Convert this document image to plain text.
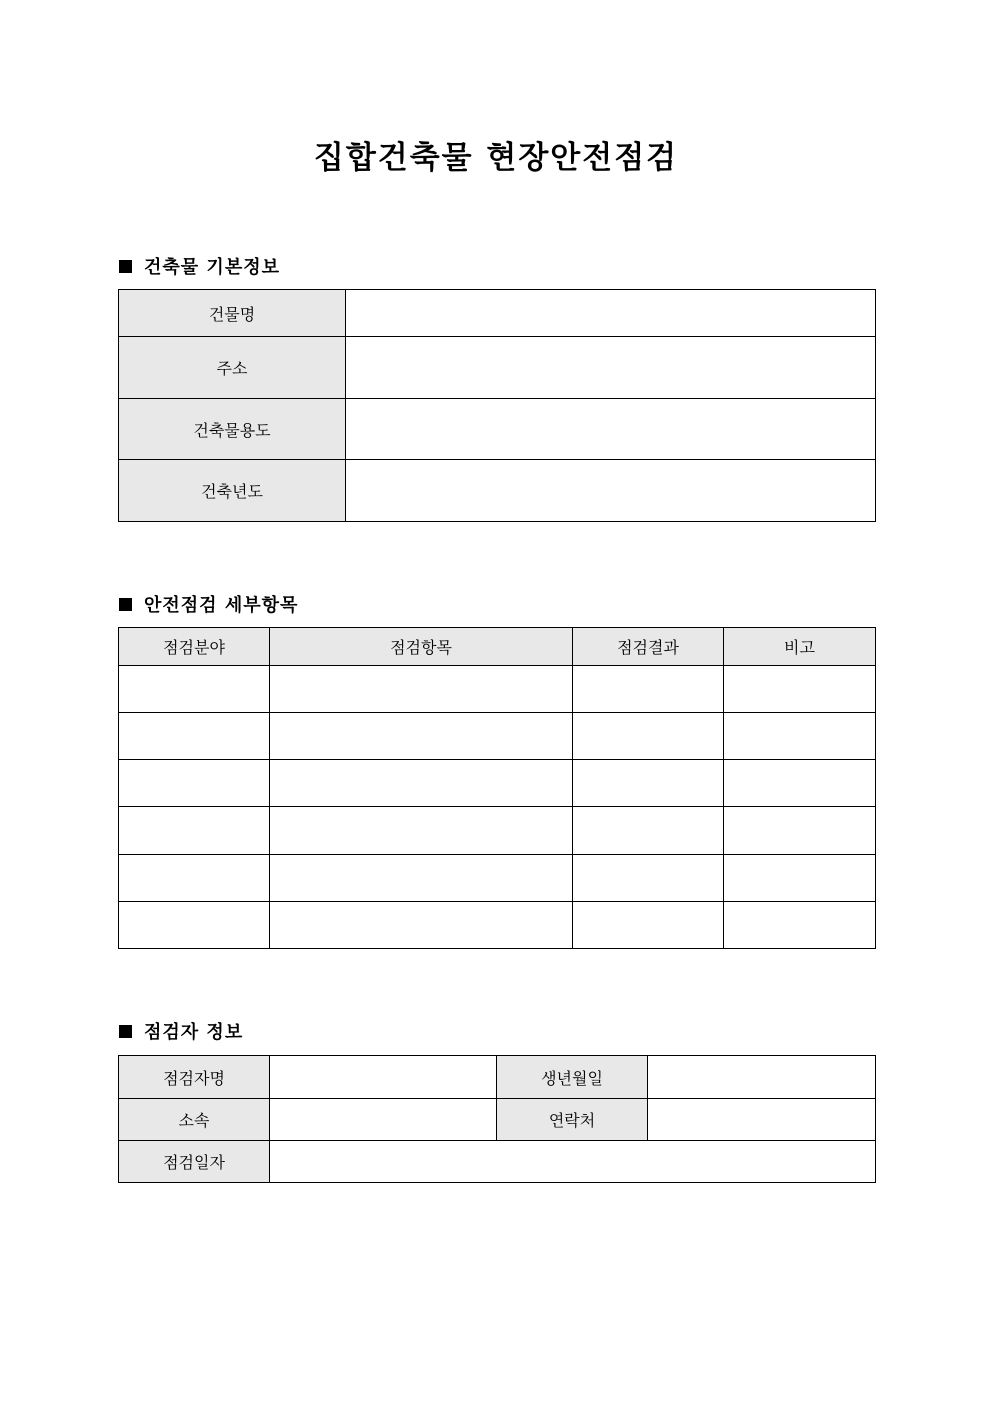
집합건축물 현장안전점검
건축물 기본정보
건물명	
주소	
건축물용도	
건축년도	
안전점검 세부항목
점검분야	점검항목	점검결과	비고

점검자 정보
점검자명		생년월일	
소속		연락처	
점검일자			
